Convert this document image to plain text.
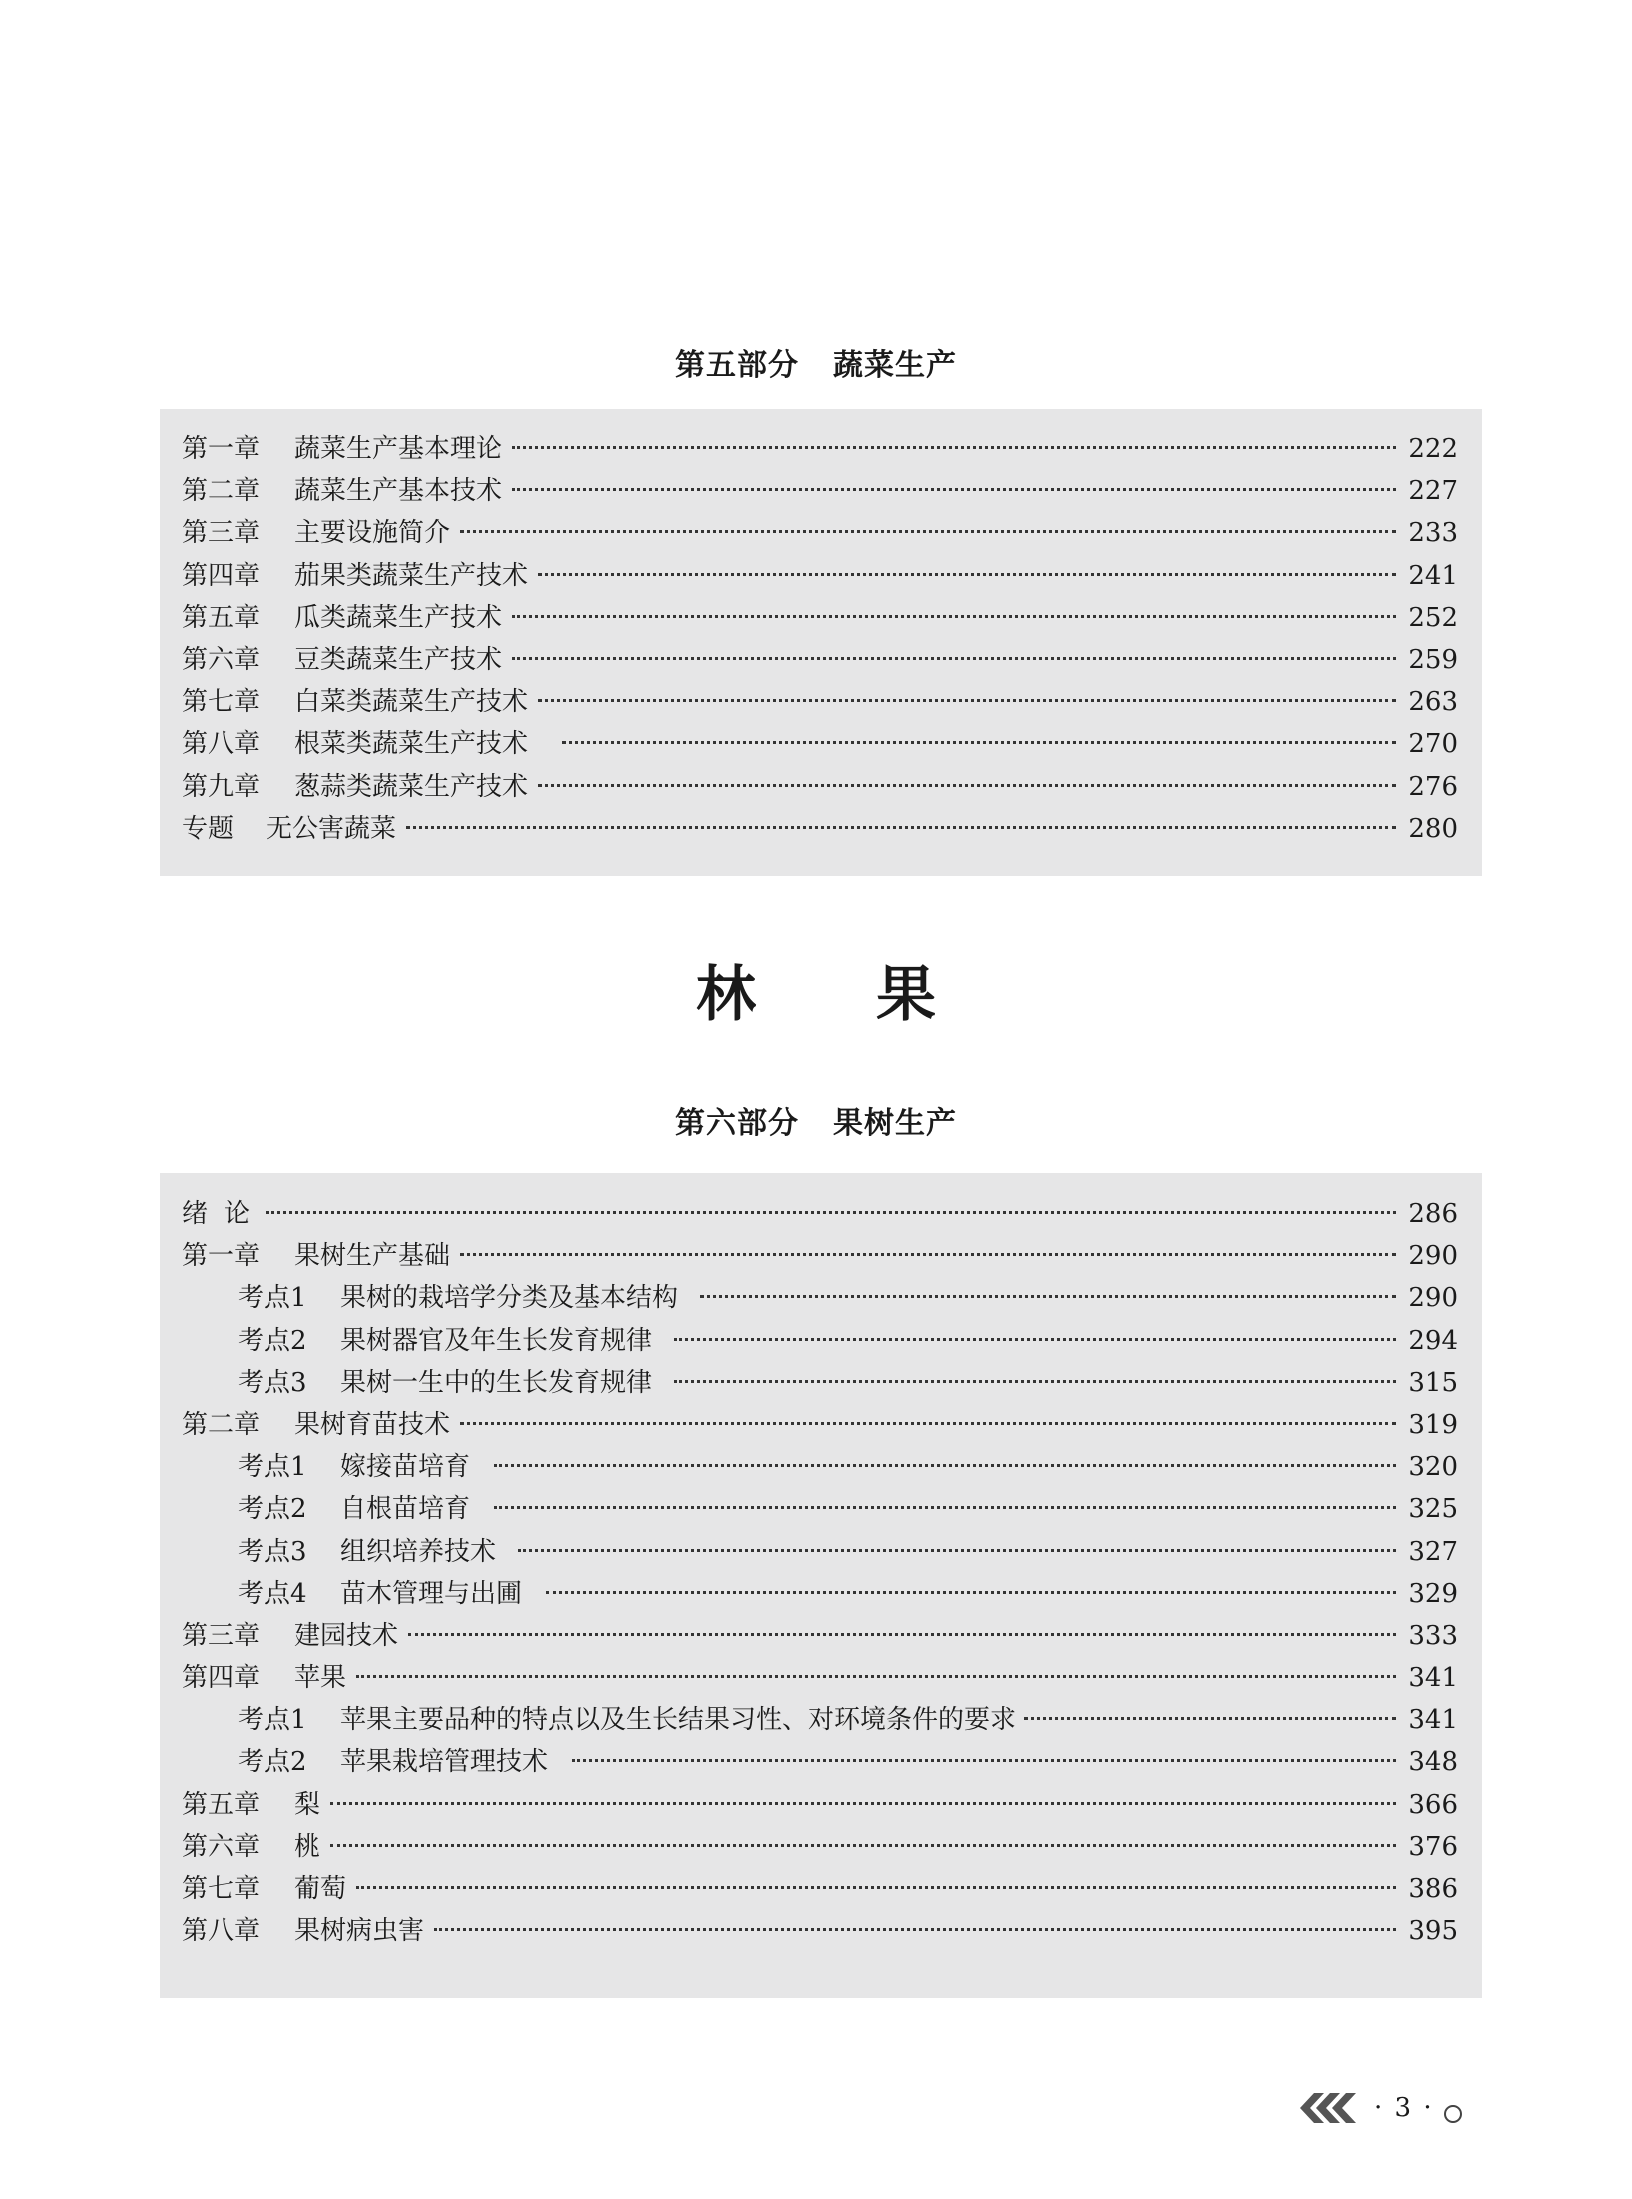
第五部分 蔬菜生产
第一章	蔬菜生产基本理论	222
第二章	蔬菜生产基本技术	227
第三章	主要设施简介	233
第四章	茄果类蔬菜生产技术	241
第五章	瓜类蔬菜生产技术	252
第六章	豆类蔬菜生产技术	259
第七章	白菜类蔬菜生产技术	263
第八章	根菜类蔬菜生产技术	270
第九章	葱蒜类蔬菜生产技术	276
专题	无公害蔬菜	280
林 果
第六部分 果树生产
绪论	286
第一章	果树生产基础	290
考点1	果树的栽培学分类及基本结构	290
考点2	果树器官及年生长发育规律	294
考点3	果树一生中的生长发育规律	315
第二章	果树育苗技术	319
考点1	嫁接苗培育	320
考点2	自根苗培育	325
考点3	组织培养技术	327
考点4	苗木管理与出圃	329
第三章	建园技术	333
第四章	苹果	341
考点1	苹果主要品种的特点以及生长结果习性、对环境条件的要求	341
考点2	苹果栽培管理技术	348
第五章	梨	366
第六章	桃	376
第七章	葡萄	386
第八章	果树病虫害	395
· 3 ·
